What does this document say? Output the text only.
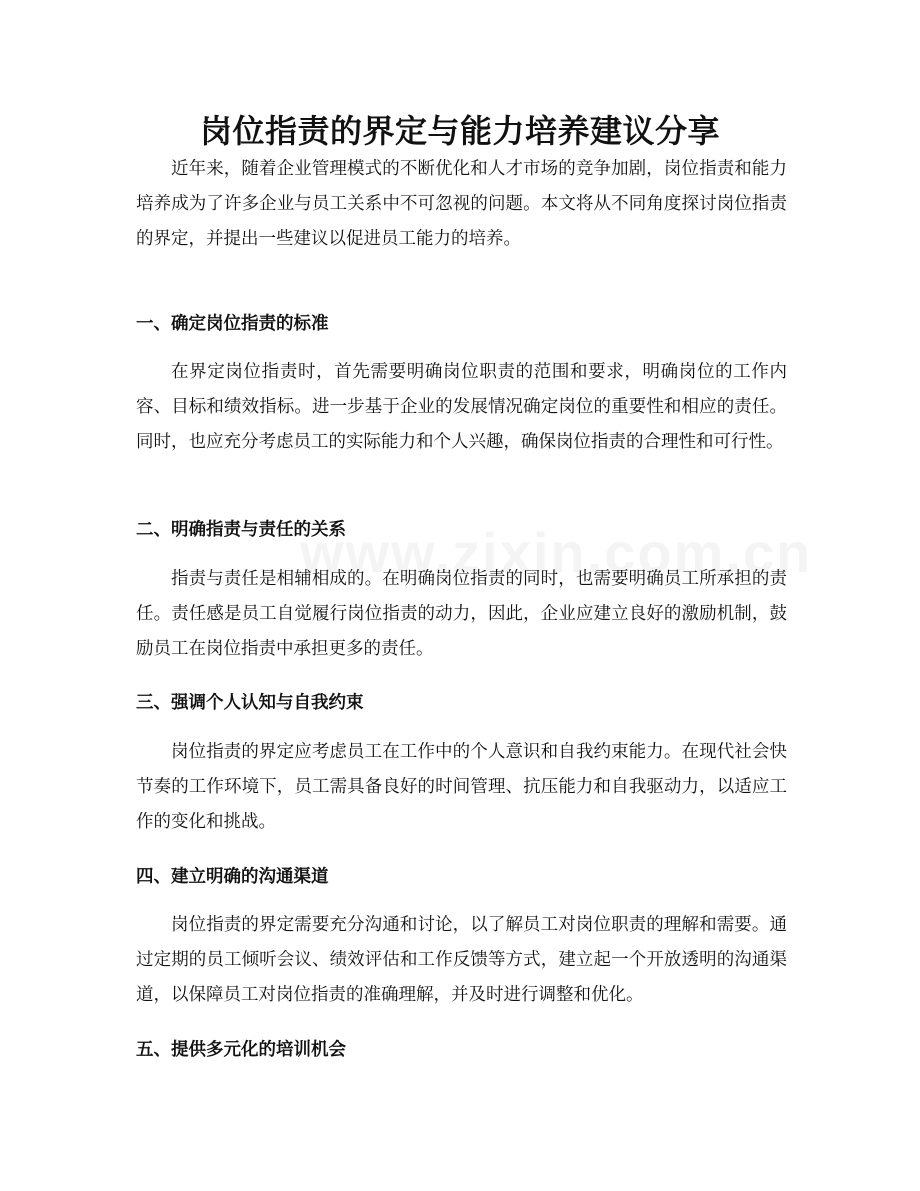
岗位指责的界定与能力培养建议分享

近年来，随着企业管理模式的不断优化和人才市场的竞争加剧，岗位指责和能力培养成为了许多企业与员工关系中不可忽视的问题。本文将从不同角度探讨岗位指责的界定，并提出一些建议以促进员工能力的培养。

一、确定岗位指责的标准

在界定岗位指责时，首先需要明确岗位职责的范围和要求，明确岗位的工作内容、目标和绩效指标。进一步基于企业的发展情况确定岗位的重要性和相应的责任。同时，也应充分考虑员工的实际能力和个人兴趣，确保岗位指责的合理性和可行性。

二、明确指责与责任的关系

指责与责任是相辅相成的。在明确岗位指责的同时，也需要明确员工所承担的责任。责任感是员工自觉履行岗位指责的动力，因此，企业应建立良好的激励机制，鼓励员工在岗位指责中承担更多的责任。

三、强调个人认知与自我约束

岗位指责的界定应考虑员工在工作中的个人意识和自我约束能力。在现代社会快节奏的工作环境下，员工需具备良好的时间管理、抗压能力和自我驱动力，以适应工作的变化和挑战。

四、建立明确的沟通渠道

岗位指责的界定需要充分沟通和讨论，以了解员工对岗位职责的理解和需要。通过定期的员工倾听会议、绩效评估和工作反馈等方式，建立起一个开放透明的沟通渠道，以保障员工对岗位指责的准确理解，并及时进行调整和优化。

五、提供多元化的培训机会
